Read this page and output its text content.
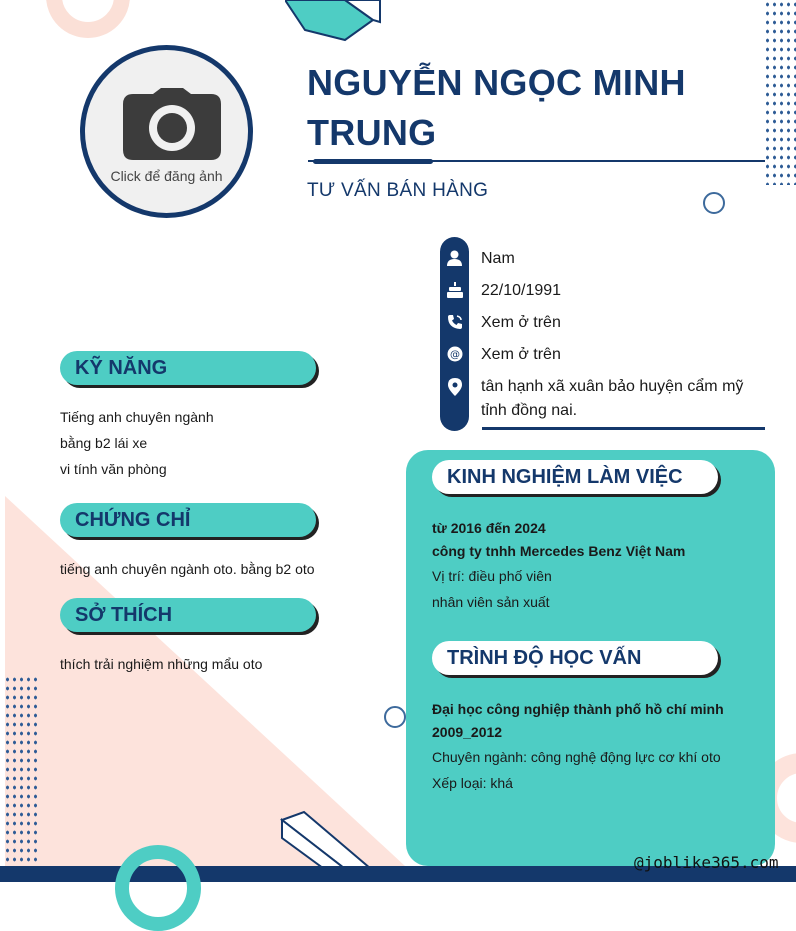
Click để đăng ảnh
NGUYỄN NGỌC MINH
TRUNG
TƯ VẤN BÁN HÀNG
Nam
22/10/1991
Xem ở trên
@ Xem ở trên
tân hạnh xã xuân bảo huyện cẩm mỹ
tỉnh đồng nai.
KỸ NĂNG
Tiếng anh chuyên ngành
bằng b2 lái xe
vi tính văn phòng
CHỨNG CHỈ
tiếng anh chuyên ngành oto. bằng b2 oto
SỞ THÍCH
thích trải nghiệm những mẩu oto
KINH NGHIỆM LÀM VIỆC
từ 2016 đến 2024
công ty tnhh Mercedes Benz Việt Nam
Vị trí: điều phố viên
nhân viên sản xuất
TRÌNH ĐỘ HỌC VẤN
Đại học công nghiệp thành phố hồ chí minh
2009_2012
Chuyên ngành: công nghệ động lực cơ khí oto
Xếp loại: khá
@joblike365.com
